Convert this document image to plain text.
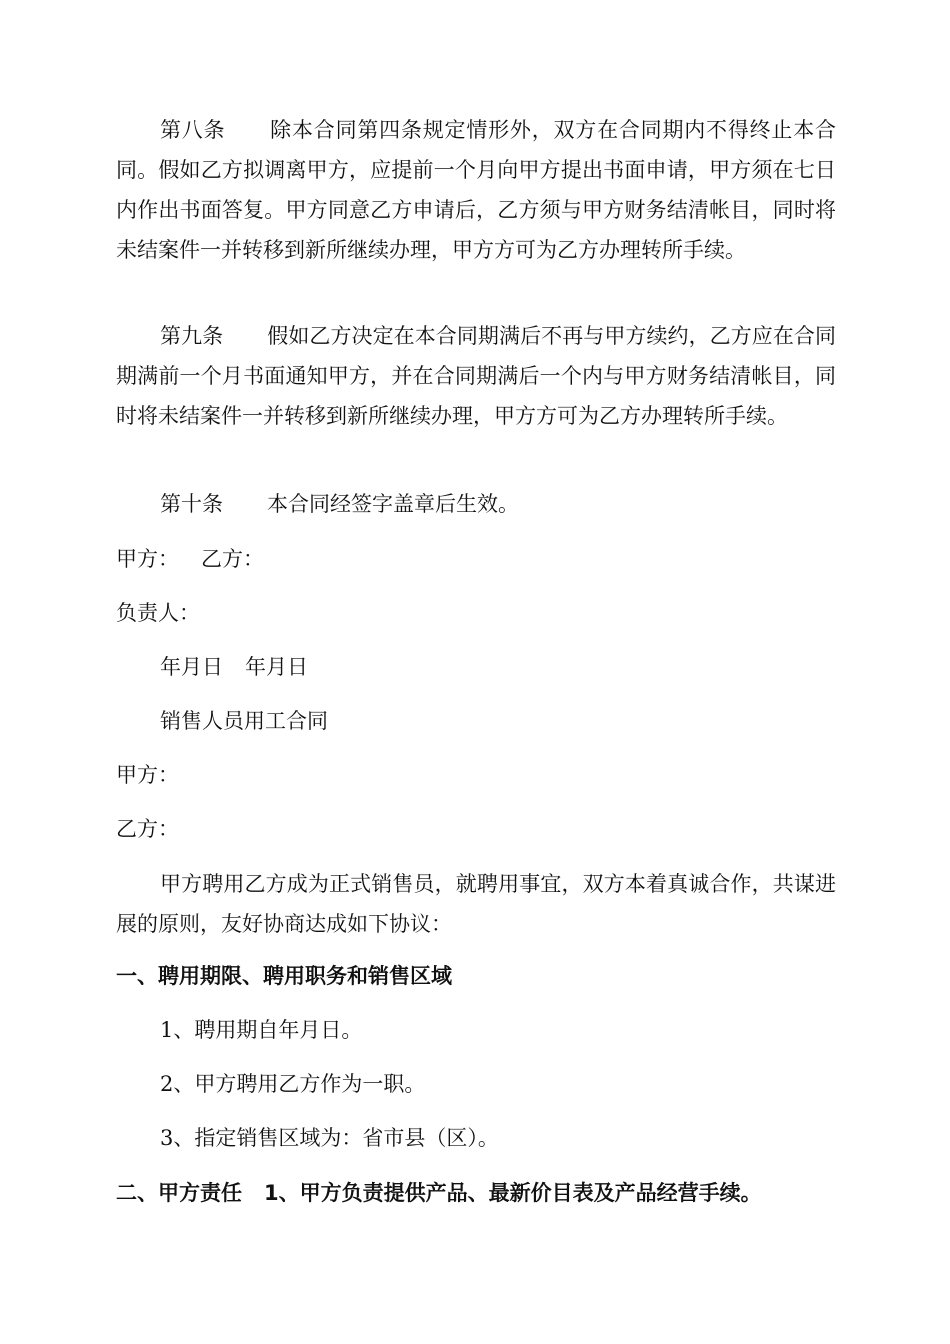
第八条 除本合同第四条规定情形外，双方在合同期内不得终止本合同。假如乙方拟调离甲方，应提前一个月向甲方提出书面申请，甲方须在七日内作出书面答复。甲方同意乙方申请后，乙方须与甲方财务结清帐目，同时将未结案件一并转移到新所继续办理，甲方方可为乙方办理转所手续。

第九条 假如乙方决定在本合同期满后不再与甲方续约，乙方应在合同期满前一个月书面通知甲方，并在合同期满后一个内与甲方财务结清帐目，同时将未结案件一并转移到新所继续办理，甲方方可为乙方办理转所手续。

第十条 本合同经签字盖章后生效。

甲方： 乙方：

负责人：

年月日 年月日

销售人员用工合同

甲方：

乙方：

甲方聘用乙方成为正式销售员，就聘用事宜，双方本着真诚合作，共谋进展的原则，友好协商达成如下协议：

一、聘用期限、聘用职务和销售区域

1、聘用期自年月日。

2、甲方聘用乙方作为一职。

3、指定销售区域为：省市县（区）。

二、甲方责任 1、甲方负责提供产品、最新价目表及产品经营手续。
